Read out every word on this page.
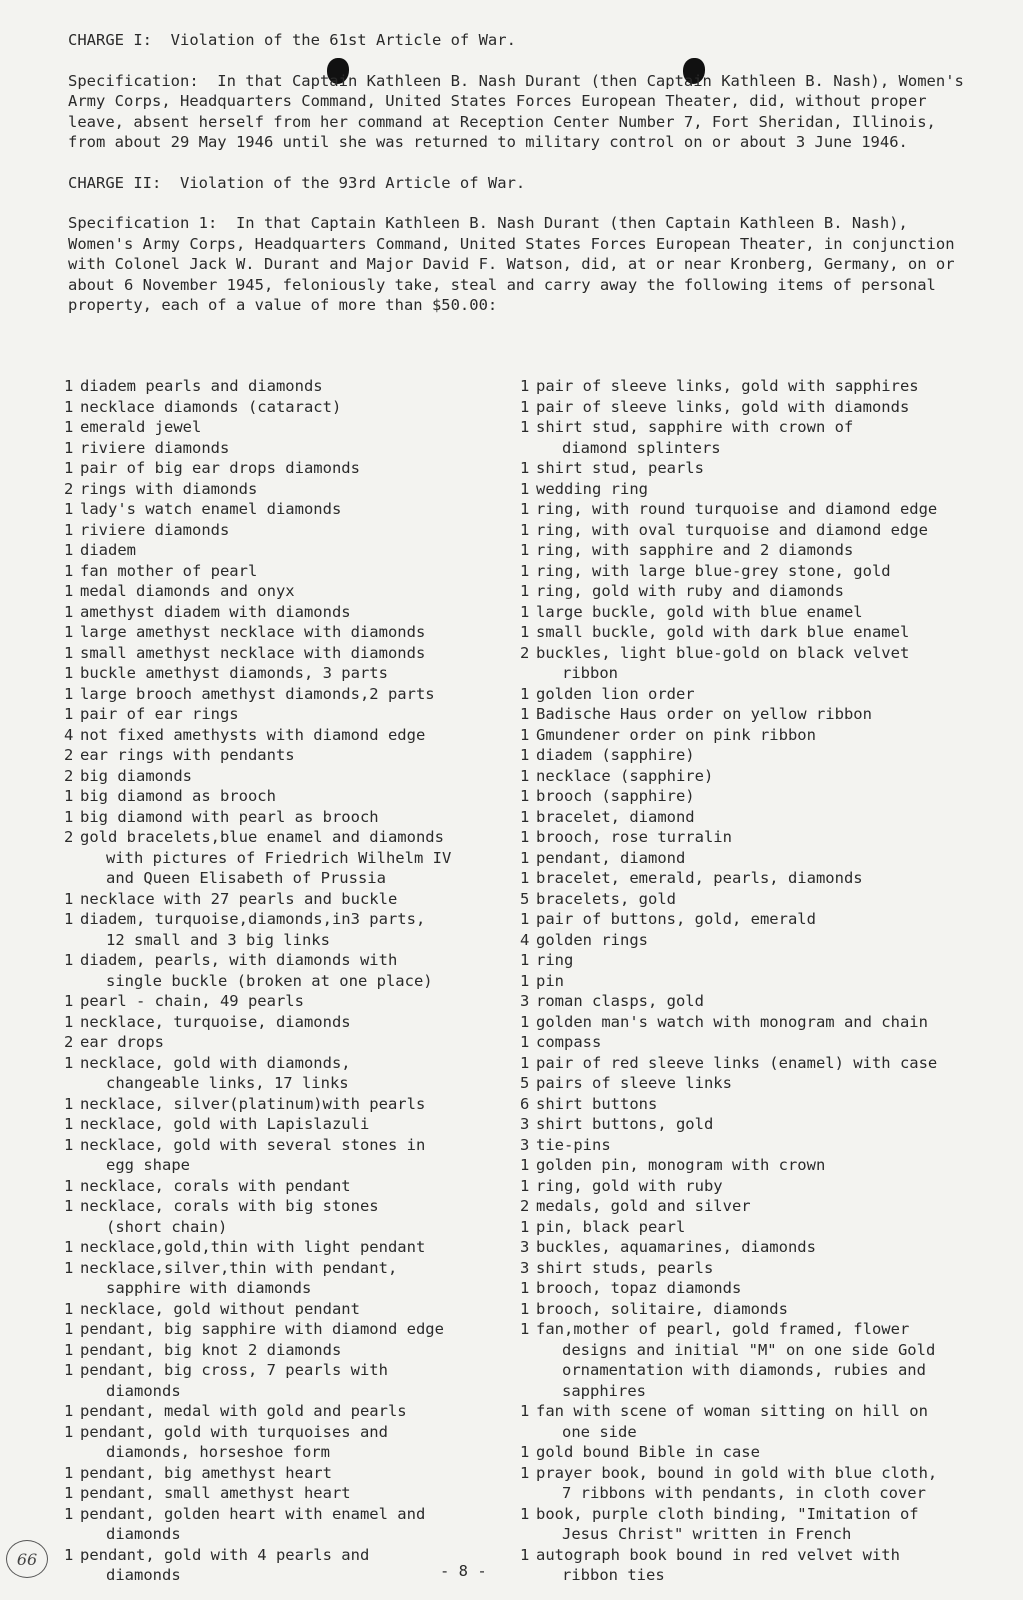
CHARGE I:  Violation of the 61st Article of War.

Specification:  In that Captain Kathleen B. Nash Durant (then Captain Kathleen B. Nash), Women's Army Corps, Headquarters Command, United States Forces European Theater, did, without proper leave, absent herself from her command at Reception Center Number 7, Fort Sheridan, Illinois, from about 29 May 1946 until she was returned to military control on or about 3 June 1946.

CHARGE II:  Violation of the 93rd Article of War.

Specification 1:  In that Captain Kathleen B. Nash Durant (then Captain Kathleen B. Nash), Women's Army Corps, Headquarters Command, United States Forces European Theater, in conjunction with Colonel Jack W. Durant and Major David F. Watson, did, at or near Kronberg, Germany, on or about 6 November 1945, feloniously take, steal and carry away the following items of personal property, each of a value of more than $50.00:

1 diadem pearls and diamonds
1 necklace diamonds (cataract)
1 emerald jewel
1 riviere diamonds
1 pair of big ear drops diamonds
2 rings with diamonds
1 lady's watch enamel diamonds
1 riviere diamonds
1 diadem
1 fan mother of pearl
1 medal diamonds and onyx
1 amethyst diadem with diamonds
1 large amethyst necklace with diamonds
1 small amethyst necklace with diamonds
1 buckle amethyst diamonds, 3 parts
1 large brooch amethyst diamonds,2 parts
1 pair of ear rings
4 not fixed amethysts with diamond edge
2 ear rings with pendants
2 big diamonds
1 big diamond as brooch
1 big diamond with pearl as brooch
2 gold bracelets,blue enamel and diamonds
with pictures of Friedrich Wilhelm IV
and Queen Elisabeth of Prussia
1 necklace with 27 pearls and buckle
1 diadem, turquoise,diamonds,in3 parts,
12 small and 3 big links
1 diadem, pearls, with diamonds with
single buckle (broken at one place)
1 pearl - chain, 49 pearls
1 necklace, turquoise, diamonds
2 ear drops
1 necklace, gold with diamonds,
changeable links, 17 links
1 necklace, silver(platinum)with pearls
1 necklace, gold with Lapislazuli
1 necklace, gold with several stones in
egg shape
1 necklace, corals with pendant
1 necklace, corals with big stones
(short chain)
1 necklace,gold,thin with light pendant
1 necklace,silver,thin with pendant,
sapphire with diamonds
1 necklace, gold without pendant
1 pendant, big sapphire with diamond edge
1 pendant, big knot 2 diamonds
1 pendant, big cross, 7 pearls with
diamonds
1 pendant, medal with gold and pearls
1 pendant, gold with turquoises and
diamonds, horseshoe form
1 pendant, big amethyst heart
1 pendant, small amethyst heart
1 pendant, golden heart with enamel and
diamonds
1 pendant, gold with 4 pearls and
diamonds
1 pair of sleeve links, gold with sapphires
1 pair of sleeve links, gold with diamonds
1 shirt stud, sapphire with crown of
diamond splinters
1 shirt stud, pearls
1 wedding ring
1 ring, with round turquoise and diamond edge
1 ring, with oval turquoise and diamond edge
1 ring, with sapphire and 2 diamonds
1 ring, with large blue-grey stone, gold
1 ring, gold with ruby and diamonds
1 large buckle, gold with blue enamel
1 small buckle, gold with dark blue enamel
2 buckles, light blue-gold on black velvet
ribbon
1 golden lion order
1 Badische Haus order on yellow ribbon
1 Gmundener order on pink ribbon
1 diadem (sapphire)
1 necklace (sapphire)
1 brooch (sapphire)
1 bracelet, diamond
1 brooch, rose turralin
1 pendant, diamond
1 bracelet, emerald, pearls, diamonds
5 bracelets, gold
1 pair of buttons, gold, emerald
4 golden rings
1 ring
1 pin
3 roman clasps, gold
1 golden man's watch with monogram and chain
1 compass
1 pair of red sleeve links (enamel) with case
5 pairs of sleeve links
6 shirt buttons
3 shirt buttons, gold
3 tie-pins
1 golden pin, monogram with crown
1 ring, gold with ruby
2 medals, gold and silver
1 pin, black pearl
3 buckles, aquamarines, diamonds
3 shirt studs, pearls
1 brooch, topaz diamonds
1 brooch, solitaire, diamonds
1 fan,mother of pearl, gold framed, flower
designs and initial "M" on one side Gold
ornamentation with diamonds, rubies and
sapphires
1 fan with scene of woman sitting on hill on
one side
1 gold bound Bible in case
1 prayer book, bound in gold with blue cloth,
7 ribbons with pendants, in cloth cover
1 book, purple cloth binding, "Imitation of
Jesus Christ" written in French
1 autograph book bound in red velvet with
ribbon ties
- 8 -
66
